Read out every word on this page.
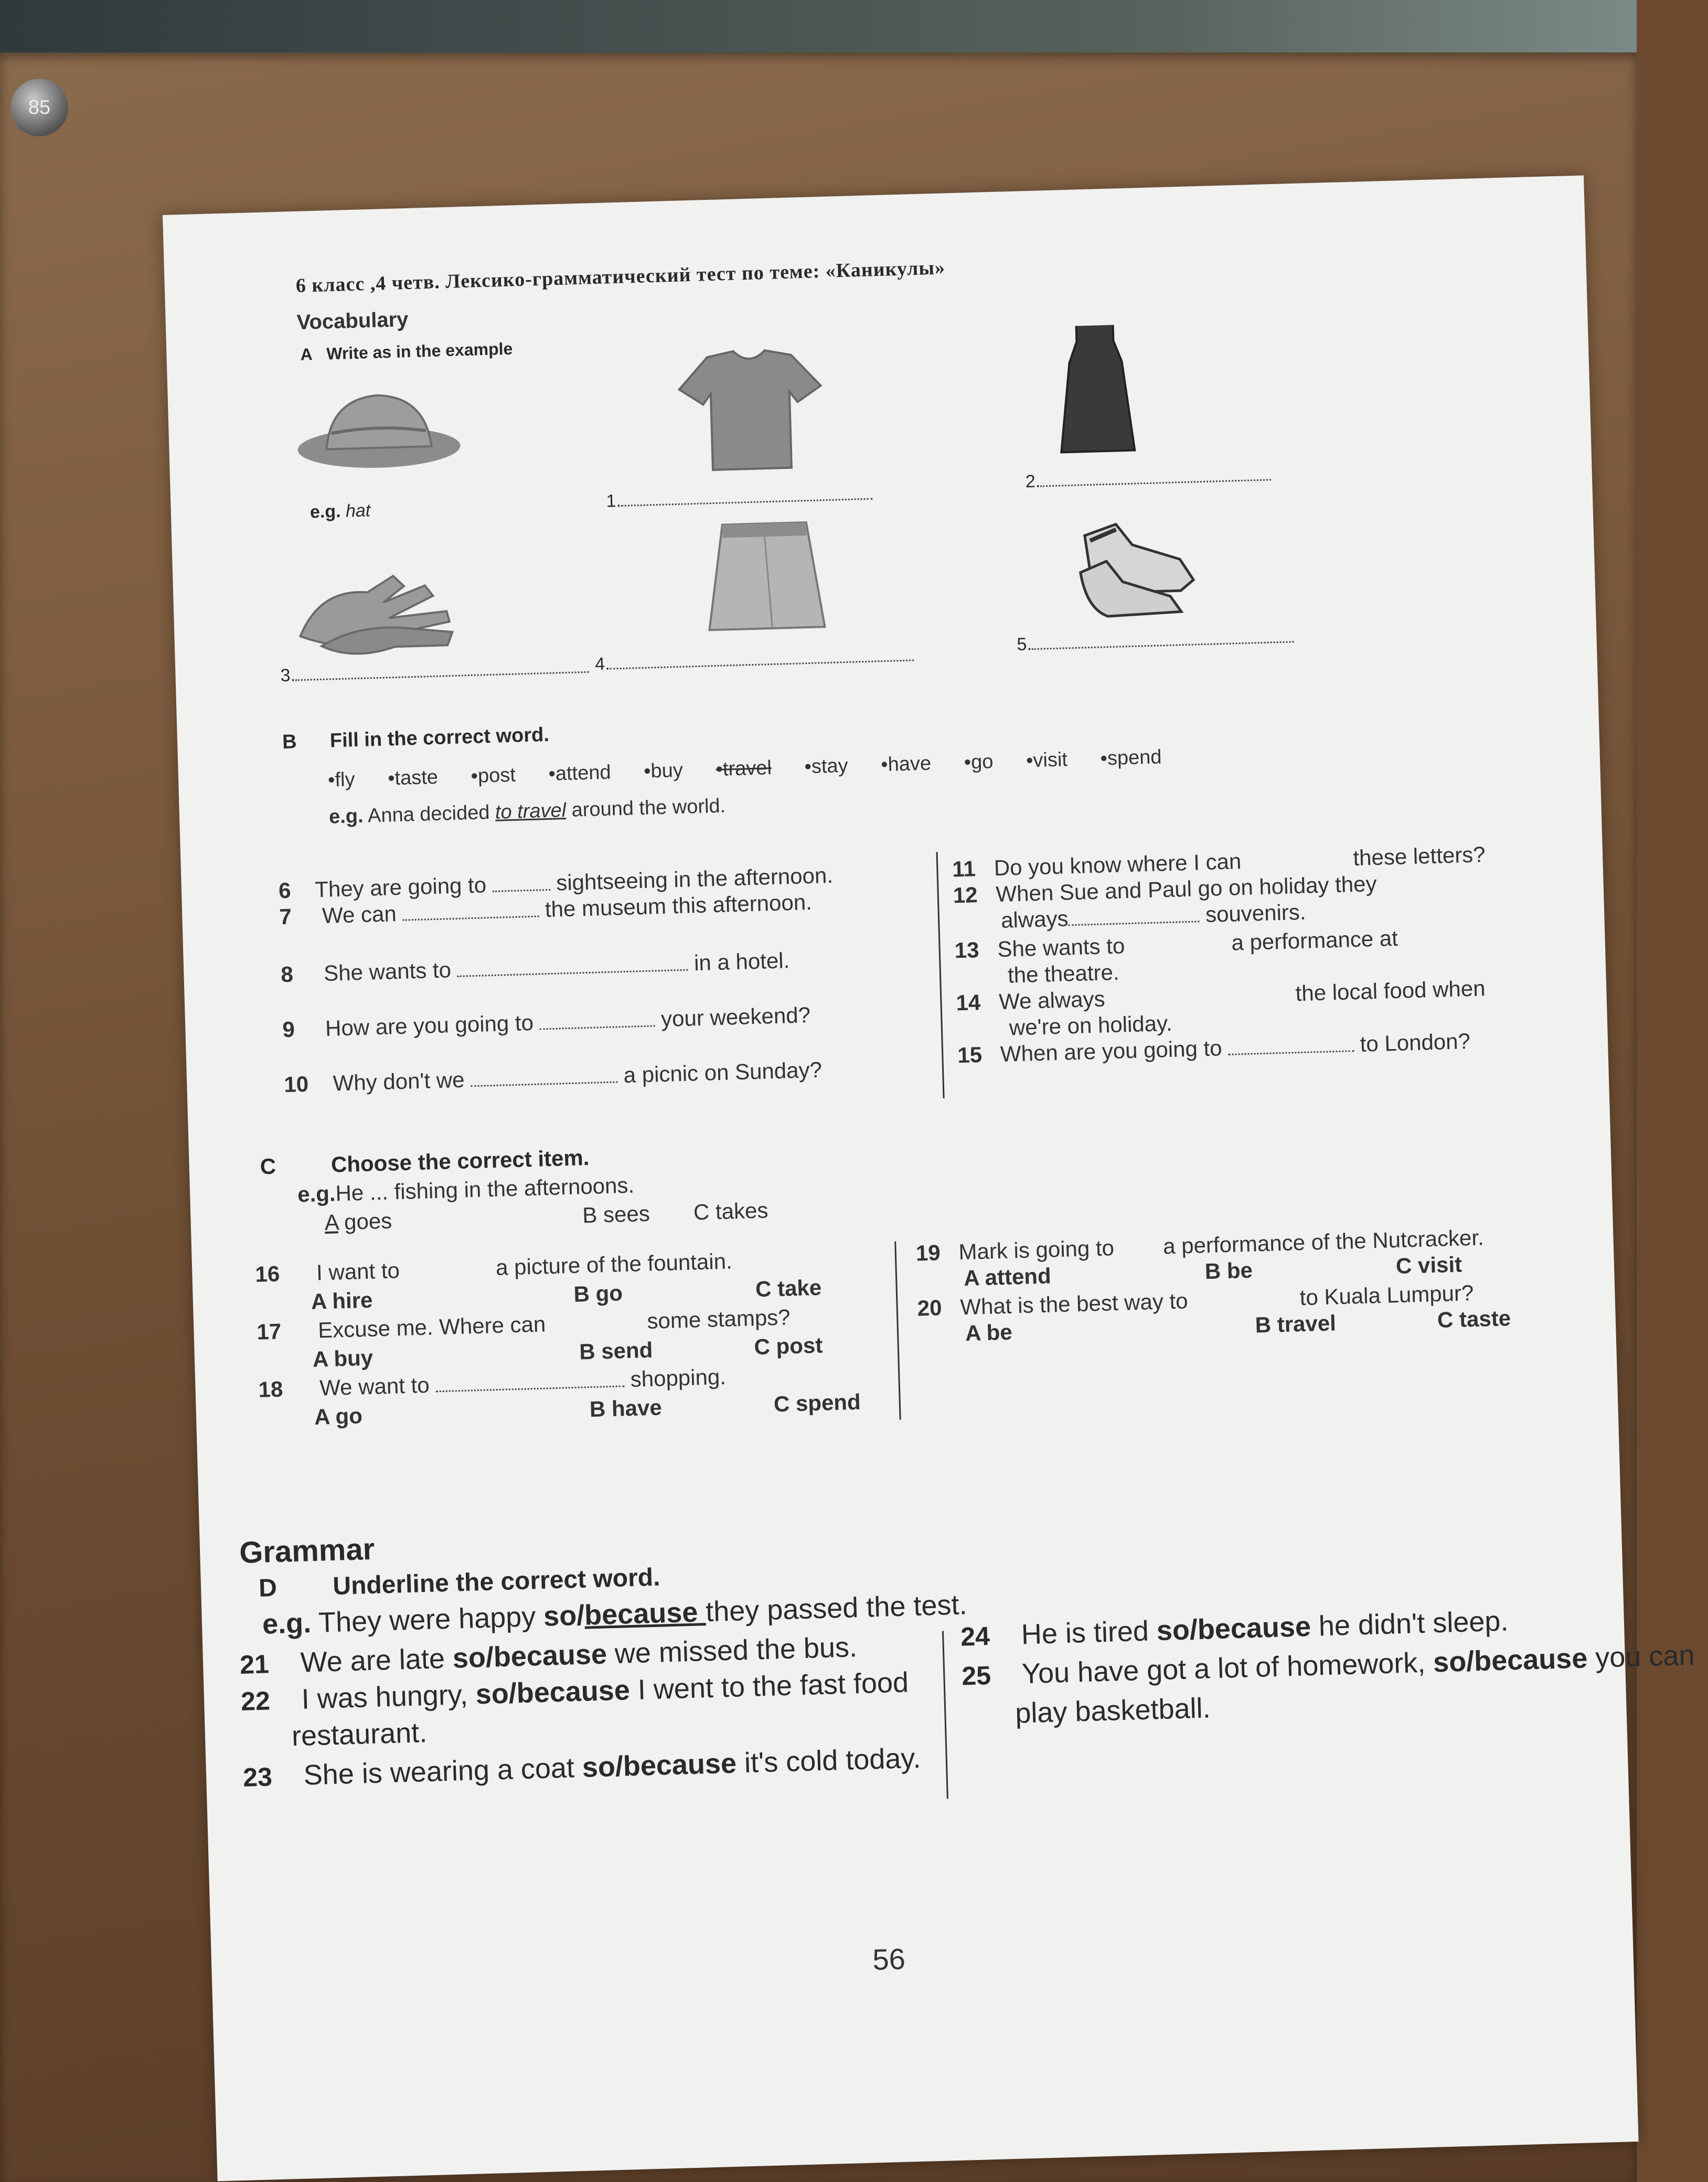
85
6 класс ,4 четв. Лексико-грамматический тест по теме: «Каникулы»
Vocabulary
A Write as in the example
e.g. hat	1.
2.
3.
4.
5.
B Fill in the correct word.
• fly • taste • post • attend • buy • travel • stay • have • go • visit • spend
e.g. Anna decided to travel around the world.
6 They are going to	sightseeing in the afternoon.
7 We can	the museum this afternoon.
8 She wants to	in a hotel.
9 How are you going to	your weekend?
10 Why don't we	a picnic on Sunday?
11 Do you know where I can	these letters?
12 When Sue and Paul go on holiday they
always	souvenirs.
13 She wants to	a performance at
the theatre.
14 We always	the local food when
we're on holiday.
15 When are you going to	to London?
C Choose the correct item.
e.g.He ... fishing in the afternoons.
A goes	B sees C takes
16 I want to	a picture of the fountain.
A hire	B go	C take
17 Excuse me. Where can	some stamps?
A buy	B send	C post
18 We want to	shopping.
A go	B have	C spend
19 Mark is going to a performance of the Nutcracker.
A attend	B be	C visit
20 What is the best way to	to Kuala Lumpur?
A be	B travel	C taste
Grammar
D Underline the correct word.
e.g. They were happy so/because they passed the test.
21 We are late so/because we missed the bus.
22 I was hungry, so/because I went to the fast food
restaurant.
23 She is wearing a coat so/because it's cold today.
24 He is tired so/because he didn't sleep.
25 You have got a lot of homework, so/because you can
play basketball.
56
